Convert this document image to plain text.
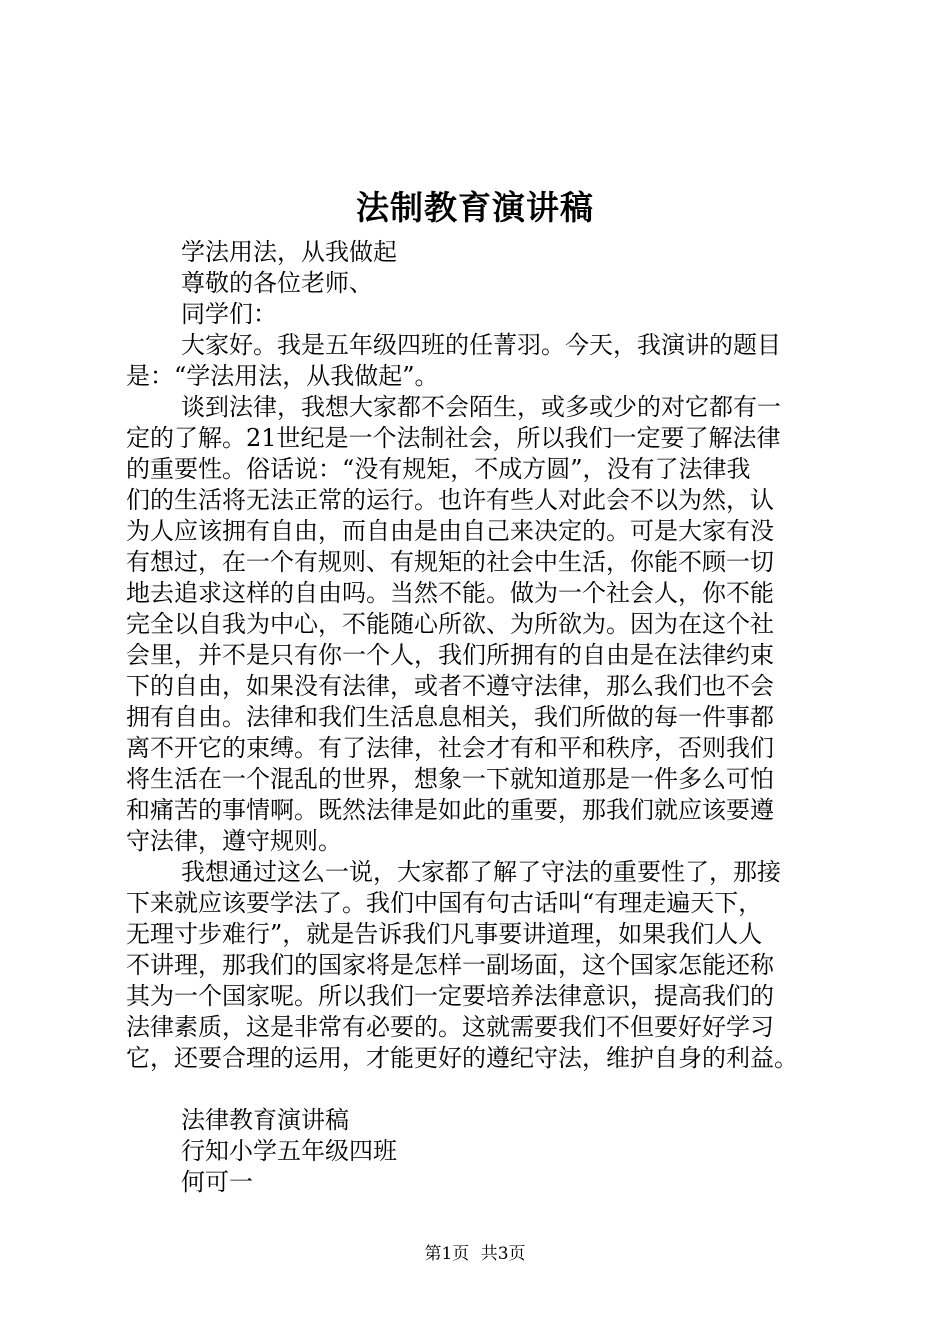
法制教育演讲稿
学法用法，从我做起
尊敬的各位老师、
同学们：
大家好。我是五年级四班的任菁羽。今天，我演讲的题目
是：“学法用法，从我做起”。
谈到法律，我想大家都不会陌生，或多或少的对它都有一
定的了解。21世纪是一个法制社会，所以我们一定要了解法律
的重要性。俗话说：“没有规矩，不成方圆”，没有了法律我
们的生活将无法正常的运行。也许有些人对此会不以为然，认
为人应该拥有自由，而自由是由自己来决定的。可是大家有没
有想过，在一个有规则、有规矩的社会中生活，你能不顾一切
地去追求这样的自由吗。当然不能。做为一个社会人，你不能
完全以自我为中心，不能随心所欲、为所欲为。因为在这个社
会里，并不是只有你一个人，我们所拥有的自由是在法律约束
下的自由，如果没有法律，或者不遵守法律，那么我们也不会
拥有自由。法律和我们生活息息相关，我们所做的每一件事都
离不开它的束缚。有了法律，社会才有和平和秩序，否则我们
将生活在一个混乱的世界，想象一下就知道那是一件多么可怕
和痛苦的事情啊。既然法律是如此的重要，那我们就应该要遵
守法律，遵守规则。
我想通过这么一说，大家都了解了守法的重要性了，那接
下来就应该要学法了。我们中国有句古话叫“有理走遍天下，
无理寸步难行”，就是告诉我们凡事要讲道理，如果我们人人
不讲理，那我们的国家将是怎样一副场面，这个国家怎能还称
其为一个国家呢。所以我们一定要培养法律意识，提高我们的
法律素质，这是非常有必要的。这就需要我们不但要好好学习
它，还要合理的运用，才能更好的遵纪守法，维护自身的利益。
法律教育演讲稿
行知小学五年级四班
何可一
第1页 共3页
